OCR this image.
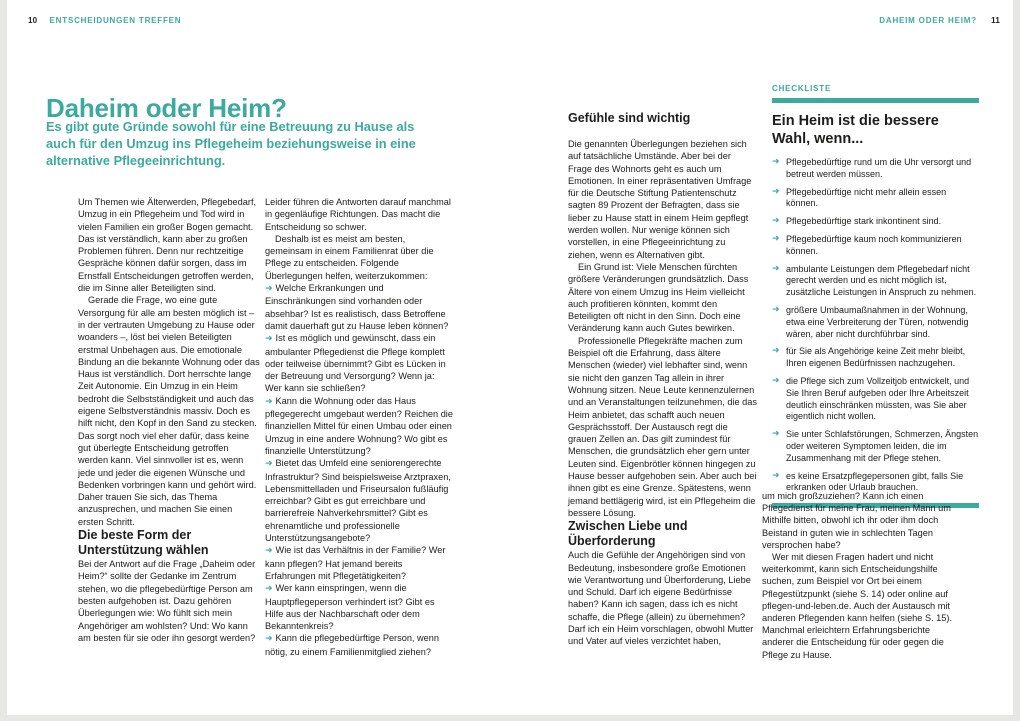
10 ENTSCHEIDUNGEN TREFFEN	DAHEIM ODER HEIM? 11
Daheim oder Heim?
Es gibt gute Gründe sowohl für eine Betreuung zu Hause als auch für den Umzug ins Pflegeheim beziehungsweise in eine alternative Pflegeeinrichtung.

Um Themen wie Älterwerden, Pflegebedarf, Umzug in ein Pflegeheim und Tod wird in vielen Familien ein großer Bogen gemacht. Das ist verständlich, kann aber zu großen Problemen führen. Denn nur rechtzeitige Gespräche können dafür sorgen, dass im Ernstfall Entscheidungen getroffen werden, die im Sinne aller Beteiligten sind.

Gerade die Frage, wo eine gute Versorgung für alle am besten möglich ist – in der vertrauten Umgebung zu Hause oder woanders –, löst bei vielen Beteiligten erstmal Unbehagen aus. Die emotionale Bindung an die bekannte Wohnung oder das Haus ist verständlich. Dort herrschte lange Zeit Autonomie. Ein Umzug in ein Heim bedroht die Selbstständigkeit und auch das eigene Selbstverständnis massiv. Doch es hilft nicht, den Kopf in den Sand zu stecken. Das sorgt noch viel eher dafür, dass keine gut überlegte Entscheidung getroffen werden kann. Viel sinnvoller ist es, wenn jede und jeder die eigenen Wünsche und Bedenken vorbringen kann und gehört wird. Daher trauen Sie sich, das Thema anzusprechen, und machen Sie einen ersten Schritt.

Die beste Form der Unterstützung wählen

Bei der Antwort auf die Frage „Daheim oder Heim?“ sollte der Gedanke im Zentrum stehen, wo die pflegebedürftige Person am besten aufgehoben ist. Dazu gehören Überlegungen wie: Wo fühlt sich mein Angehöriger am wohlsten? Und: Wo kann am besten für sie oder ihn gesorgt werden?

Leider führen die Antworten darauf manchmal in gegenläufige Richtungen. Das macht die Entscheidung so schwer.

Deshalb ist es meist am besten, gemeinsam in einem Familienrat über die Pflege zu entscheiden. Folgende Überlegungen helfen, weiterzukommen:

➜ Welche Erkrankungen und Einschränkungen sind vorhanden oder absehbar? Ist es realistisch, dass Betroffene damit dauerhaft gut zu Hause leben können?

➜ Ist es möglich und gewünscht, dass ein ambulanter Pflegedienst die Pflege komplett oder teilweise übernimmt? Gibt es Lücken in der Betreuung und Versorgung? Wenn ja: Wer kann sie schließen?

➜ Kann die Wohnung oder das Haus pflegegerecht umgebaut werden? Reichen die finanziellen Mittel für einen Umbau oder einen Umzug in eine andere Wohnung? Wo gibt es finanzielle Unterstützung?

➜ Bietet das Umfeld eine seniorengerechte Infrastruktur? Sind beispielsweise Arztpraxen, Lebensmittelladen und Friseursalon fußläufig erreichbar? Gibt es gut erreichbare und barrierefreie Nahverkehrsmittel? Gibt es ehrenamtliche und professionelle Unterstützungsangebote?

➜ Wie ist das Verhältnis in der Familie? Wer kann pflegen? Hat jemand bereits Erfahrungen mit Pflegetätigkeiten?

➜ Wer kann einspringen, wenn die Hauptpflegeperson verhindert ist? Gibt es Hilfe aus der Nachbarschaft oder dem Bekanntenkreis?

➜ Kann die pflegebedürftige Person, wenn nötig, zu einem Familienmitglied ziehen?

Gefühle sind wichtig

Die genannten Überlegungen beziehen sich auf tatsächliche Umstände. Aber bei der Frage des Wohnorts geht es auch um Emotionen. In einer repräsentativen Umfrage für die Deutsche Stiftung Patientenschutz sagten 89 Prozent der Befragten, dass sie lieber zu Hause statt in einem Heim gepflegt werden wollen. Nur wenige können sich vorstellen, in eine Pflegeeinrichtung zu ziehen, wenn es Alternativen gibt.

Ein Grund ist: Viele Menschen fürchten größere Veränderungen grundsätzlich. Dass Ältere von einem Umzug ins Heim vielleicht auch profitieren könnten, kommt den Beteiligten oft nicht in den Sinn. Doch eine Veränderung kann auch Gutes bewirken.

Professionelle Pflegekräfte machen zum Beispiel oft die Erfahrung, dass ältere Menschen (wieder) viel lebhafter sind, wenn sie nicht den ganzen Tag allein in ihrer Wohnung sitzen. Neue Leute kennenzulernen und an Veranstaltungen teilzunehmen, die das Heim anbietet, das schafft auch neuen Gesprächsstoff. Der Austausch regt die grauen Zellen an. Das gilt zumindest für Menschen, die grundsätzlich eher gern unter Leuten sind. Eigenbrötler können hingegen zu Hause besser aufgehoben sein. Aber auch bei ihnen gibt es eine Grenze. Spätestens, wenn jemand bettlägerig wird, ist ein Pflegeheim die bessere Lösung.

Zwischen Liebe und Überforderung

Auch die Gefühle der Angehörigen sind von Bedeutung, insbesondere große Emotionen wie Verantwortung und Überforderung, Liebe und Schuld. Darf ich eigene Bedürfnisse haben? Kann ich sagen, dass ich es nicht schaffe, die Pflege (allein) zu übernehmen? Darf ich ein Heim vorschlagen, obwohl Mutter und Vater auf vieles verzichtet haben,

CHECKLISTE
Ein Heim ist die bessere Wahl, wenn...
➜ Pflegebedürftige rund um die Uhr versorgt und betreut werden müssen.
➜ Pflegebedürftige nicht mehr allein essen können.
➜ Pflegebedürftige stark inkontinent sind.
➜ Pflegebedürftige kaum noch kommunizieren können.
➜ ambulante Leistungen dem Pflegebedarf nicht gerecht werden und es nicht möglich ist, zusätzliche Leistungen in Anspruch zu nehmen.
➜ größere Umbaumaßnahmen in der Wohnung, etwa eine Verbreiterung der Türen, notwendig wären, aber nicht durchführbar sind.
➜ für Sie als Angehörige keine Zeit mehr bleibt, Ihren eigenen Bedürfnissen nachzugehen.
➜ die Pflege sich zum Vollzeitjob entwickelt, und Sie Ihren Beruf aufgeben oder Ihre Arbeitszeit deutlich einschränken müssten, was Sie aber eigentlich nicht wollen.
➜ Sie unter Schlafstörungen, Schmerzen, Ängsten oder weiteren Symptomen leiden, die im Zusammenhang mit der Pflege stehen.
➜ es keine Ersatzpflegepersonen gibt, falls Sie erkranken oder Urlaub brauchen.

um mich großzuziehen? Kann ich einen Pflegedienst für meine Frau, meinen Mann um Mithilfe bitten, obwohl ich ihr oder ihm doch Beistand in guten wie in schlechten Tagen versprochen habe?

Wer mit diesen Fragen hadert und nicht weiterkommt, kann sich Entscheidungshilfe suchen, zum Beispiel vor Ort bei einem Pflegestützpunkt (siehe S. 14) oder online auf pflegen-und-leben.de. Auch der Austausch mit anderen Pflegenden kann helfen (siehe S. 15). Manchmal erleichtern Erfahrungsberichte anderer die Entscheidung für oder gegen die Pflege zu Hause.
